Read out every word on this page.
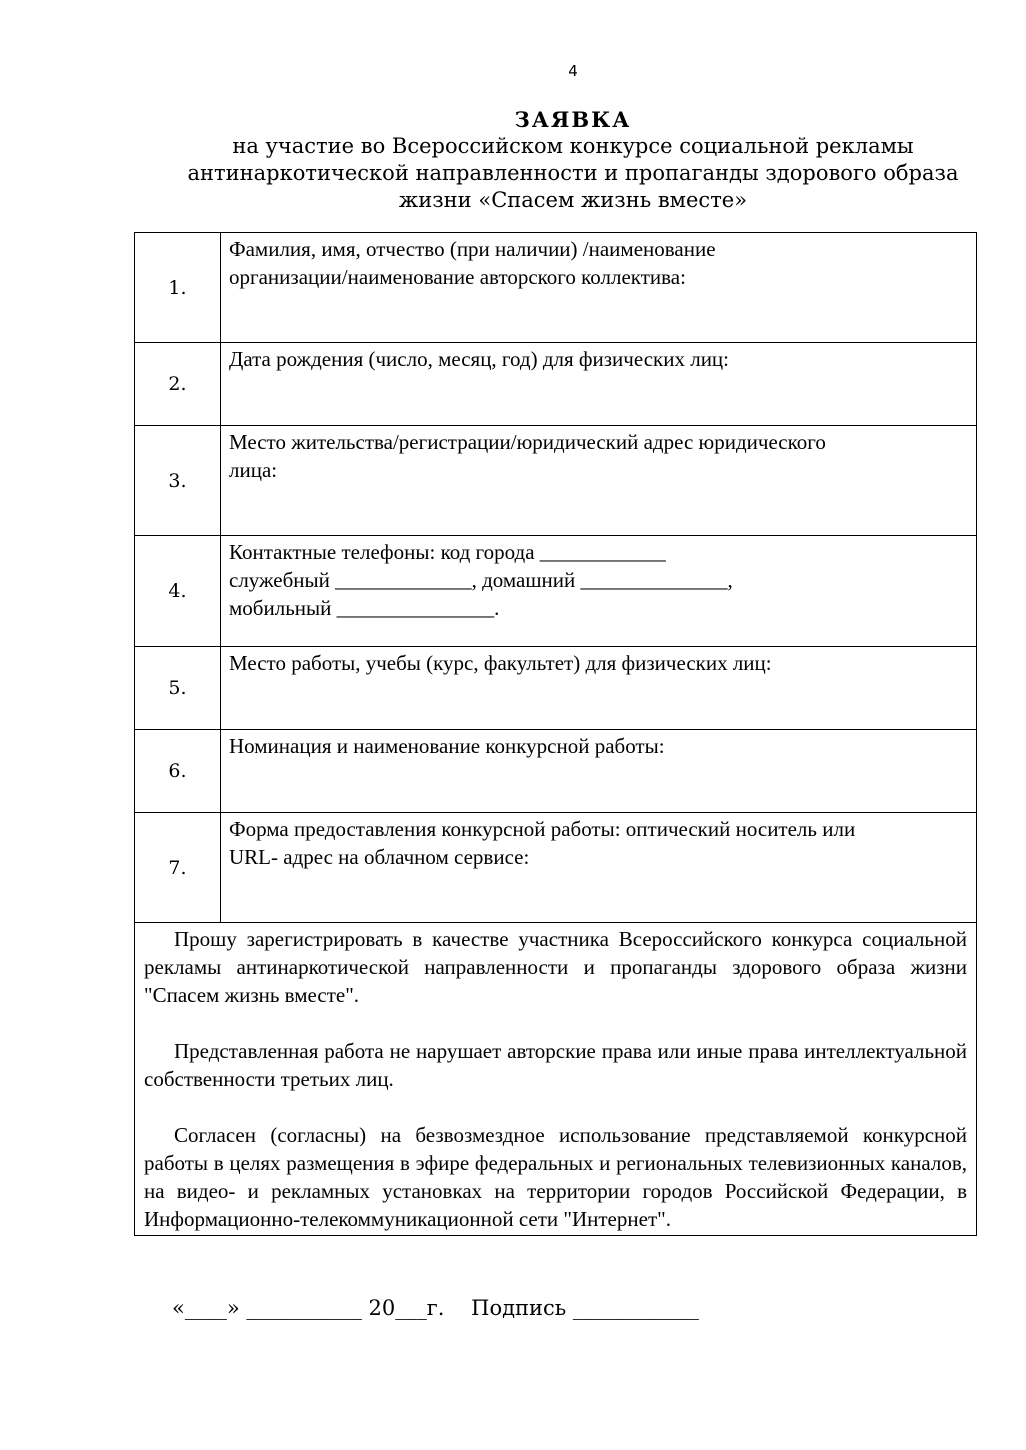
4
ЗАЯВКА
на участие во Всероссийском конкурсе социальной рекламы
антинаркотической направленности и пропаганды здорового образа
жизни «Спасем жизнь вместе»
1.	Фамилия, имя, отчество (при наличии) /наименование
организации/наименование авторского коллектива:

2.	Дата рождения (число, месяц, год) для физических лиц:

3.	Место жительства/регистрации/юридический адрес юридического
лица:

4.	Контактные телефоны: код города ____________
служебный _____________, домашний ______________,
мобильный _______________.

5.	Место работы, учебы (курс, факультет) для физических лиц:

6.	Номинация и наименование конкурсной работы:

7.	Форма предоставления конкурсной работы: оптический носитель или
URL- адрес на облачном сервисе:

Прошу зарегистрировать в качестве участника Всероссийского конкурса социальной рекламы антинаркотической направленности и пропаганды здорового образа жизни "Спасем жизнь вместе".

Представленная работа не нарушает авторские права или иные права интеллектуальной собственности третьих лиц.

Согласен (согласны) на безвозмездное использование представляемой конкурсной работы в целях размещения в эфире федеральных и региональных телевизионных каналов, на видео- и рекламных установках на территории городов Российской Федерации, в Информационно-телекоммуникационной сети "Интернет".	

«____» ___________ 20___г.    Подпись ____________
